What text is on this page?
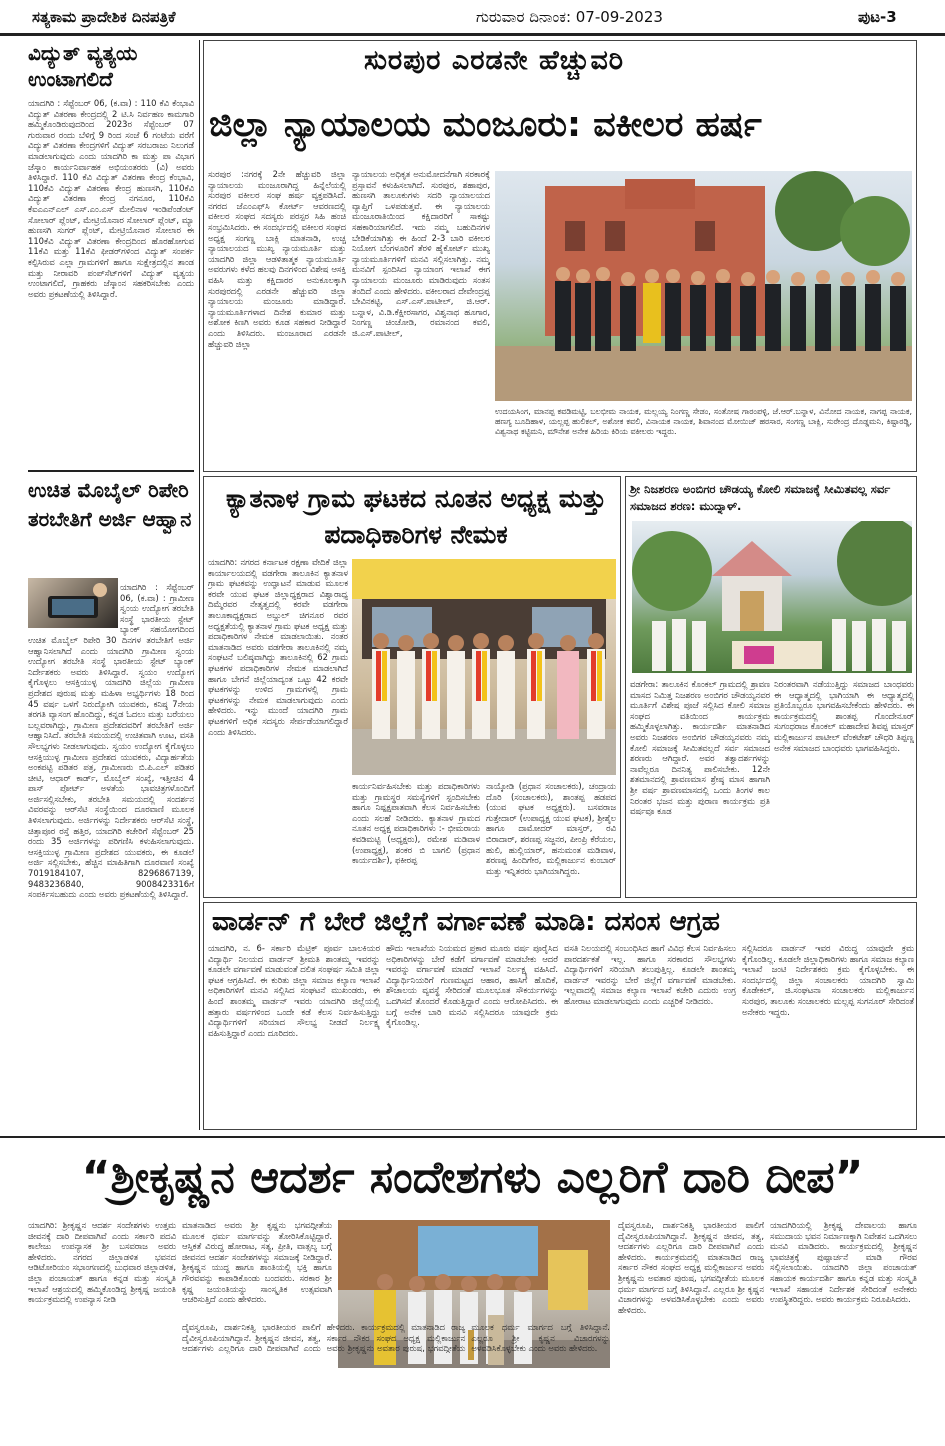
ಸತ್ಯಕಾಮ ಪ್ರಾದೇಶಿಕ ದಿನಪತ್ರಿಕೆ	ಗುರುವಾರ ದಿನಾಂಕ: 07-09-2023	ಪುಟ-3
ವಿದ್ಯುತ್ ವ್ಯತ್ಯಯ ಉಂಟಾಗಲಿದೆ
ಯಾದಗಿರಿ : ಸೆಪ್ಟೆಂಬರ್ 06, (ಕ.ವಾ) : 110 ಕೆವಿ ಕೆಂಭಾವಿ ವಿದ್ಯುತ್ ವಿತರಣಾ ಕೇಂದ್ರದಲ್ಲಿ 2 ಟಿ.ಸಿ ನಿರ್ವಹಣ ಕಾಮಗಾರಿ ಹಮ್ಮಿಕೊಂಡಿರುವುದರಿಂದ 2023ರ ಸೆಪ್ಟೆಂಬರ್ 07 ಗುರುವಾರ ರಂದು ಬೆಳಿಗ್ಗೆ 9 ರಿಂದ ಸಂಜೆ 6 ಗಂಟೆಯ ವರೆಗೆ ವಿದ್ಯುತ್ ವಿತರಣಾ ಕೇಂದ್ರಗಳಿಗೆ ವಿದ್ಯುತ್ ಸರಬರಾಜು ನಿಲುಗಡೆ ಮಾಡಲಾಗುವುದು ಎಂದು ಯಾದಗಿರಿ ಕಾ ಮತ್ತು ಪಾ ವಿಭಾಗ ಜೆಸ್ಕಾಂ ಕಾರ್ಯನಿರ್ವಾಹಕ ಅಭಿಯಂತರರು (ವಿ) ಅವರು ತಿಳಿಸಿದ್ದಾರೆ. 110 ಕೆವಿ ವಿದ್ಯುತ್ ವಿತರಣಾ ಕೇಂದ್ರ ಕೆಂಭಾವಿ, 110ಕೆವಿ ವಿದ್ಯುತ್ ವಿತರಣಾ ಕೇಂದ್ರ ಹುಣಸಗಿ, 110ಕೆವಿ ವಿದ್ಯುತ್ ವಿತರಣಾ ಕೇಂದ್ರ ನಗನೂರ, 110ಕೆವಿ ಕೆಐಎಎನ್‌ಎಲ್ ಎಸ್.ಎಂ.ಎಸ್ ಮೇಲಿನಾಳ ಇಂಡಿಪೆಂಡೆಂಟ್ ಸೋಲಾರ್ ಪ್ಲೆಂಟ್, ಮೇಟ್ರಿಯೊನಾರ ಸೋಲಾರ್ ಪ್ಲೆಂಟ್, ಮ್ಯಾ ಹುಣಸಗಿ ಸುಗರ್ ಪ್ಲೆಂಟ್, ಮೇಟ್ರಿಯೊನಾರ ಸೋಲಾರ ಈ 110ಕೆವಿ ವಿದ್ಯುತ್ ವಿತರಣಾ ಕೇಂದ್ರದಿಂದ ಹೊರಹೋಗುವ 11ಕೆವಿ ಮತ್ತು 11ಕೆವಿ ಫೀಡರ್‌ಗಳಿಂದ ವಿದ್ಯುತ್ ಸಂಪರ್ಕ ಕಲ್ಪಿಸಿರುವ ಎಲ್ಲಾ ಗ್ರಾಮಗಳಿಗೆ ಹಾಗೂ ಸುಕ್ಷೇತ್ರದಲ್ಲಿನ ತಾಂಡ ಮತ್ತು ನೀರಾವರಿ ಪಂಪ್‌ಸೆಟ್‌ಗಳಿಗೆ ವಿದ್ಯುತ್ ವ್ಯತ್ಯಯ ಉಂಟಾಗಲಿದೆ, ಗ್ರಾಹಕರು ಜೆಸ್ಕಾಂನ ಸಹಕರಿಸಬೇಕು ಎಂದು ಅವರು ಪ್ರಕಟಣೆಯಲ್ಲಿ ತಿಳಿಸಿದ್ದಾರೆ.
ಉಚಿತ ಮೊಬೈಲ್ ರಿಪೇರಿ ತರಬೇತಿಗೆ ಅರ್ಜಿ ಆಹ್ವಾನ
ಯಾದಗಿರಿ : ಸೆಪ್ಟೆಂಬರ್ 06, (ಕ.ವಾ) : ಗ್ರಾಮೀಣ ಸ್ವಂಯ ಉದ್ಯೋಗ ತರಬೇತಿ ಸಂಸ್ಥೆ ಭಾರತೀಯ ಸ್ಟೇಟ್ ಬ್ಯಾಂಕ್ ಸಹಯೋಗದಿಂದ ಉಚಿತ ಮೊಬೈಲ್ ರಿಪೇರಿ 30 ದಿನಗಳ ತರಬೇತಿಗೆ ಅರ್ಜಿ ಆಹ್ವಾನಿಸಲಾಗಿದೆ ಎಂದು ಯಾದಗಿರಿ ಗ್ರಾಮೀಣ ಸ್ವಂಯ ಉದ್ಯೋಗ ತರಬೇತಿ ಸಂಸ್ಥೆ ಭಾರತೀಯ ಸ್ಟೇಟ್ ಬ್ಯಾಂಕ್ ನಿರ್ದೇಶಕರು ಅವರು ತಿಳಿಸಿದ್ದಾರೆ. ಸ್ವಯಂ ಉದ್ಯೋಗ ಕೈಗೊಳ್ಳಲು ಆಸಕ್ತಿಯುಳ್ಳ ಯಾದಗಿರಿ ಜಿಲ್ಲೆಯ ಗ್ರಾಮೀಣ ಪ್ರದೇಶದ ಪುರುಷ ಮತ್ತು ಮಹಿಳಾ ಅಭ್ಯರ್ಥಿಗಳು 18 ರಿಂದ 45 ವರ್ಷ ಒಳಗೆ ನಿರುದ್ಯೋಗಿ ಯುವಕರು, ಕನಿಷ್ಠ 7ನೇಯ ತರಗತಿ ವ್ಯಾಸಂಗ ಹೊಂದಿದ್ದು, ಕನ್ನಡ ಓದಲು ಮತ್ತು ಬರೆಯಲು ಬಲ್ಲವರಾಗಿದ್ದು, ಗ್ರಾಮೀಣ ಪ್ರದೇಶದವರಿಗೆ ತರಬೇತಿಗೆ ಅರ್ಜಿ ಆಹ್ವಾನಿಸಿದೆ. ತರಬೇತಿ ಸಮಯದಲ್ಲಿ ಉಚಿತವಾಗಿ ಊಟ, ವಸತಿ ಸೌಲಭ್ಯಗಳು ನೀಡಲಾಗುವುದು. ಸ್ವಯಂ ಉದ್ಯೋಗ ಕೈಗೊಳ್ಳಲು ಆಸಕ್ತಿಯುಳ್ಳ ಗ್ರಾಮೀಣ ಪ್ರದೇಶದ ಯುವಕರು, ವಿದ್ಯಾರ್ಹತೆಯ ಅಂಕಪಟ್ಟಿ ಪಡಿತರ ಪತ್ರ, ಗ್ರಾಮೀಣರು ಬಿ.ಪಿ.ಎಲ್ ಪಡಿತರ ಚೀಟಿ, ಆಧಾರ್ ಕಾರ್ಡ್, ಮೊಬೈಲ್ ಸಂಖ್ಯೆ, ಇತ್ತೀಚಿನ 4 ಪಾಸ್ ಪೋರ್ಟ್ ಅಳತೆಯ ಭಾವಚಿತ್ರಗಳೊಂದಿಗೆ ಅರ್ಜಿಸಲ್ಲಿಸಬೇಕು, ತರಬೇತಿ ಸಮಯದಲ್ಲಿ ಸಂದರ್ಶನ ವಿವರವನ್ನು ಆರ್‌ಸೆಟಿ ಸಂಸ್ಥೆಯಿಂದ ದೂರವಾಣಿ ಮೂಲಕ ತಿಳಿಸಲಾಗುವುದು. ಅರ್ಜಿಗಳನ್ನು ನಿರ್ದೇಶಕರು ಆರ್‌ಸೆಟಿ ಸಂಸ್ಥೆ, ಚಿತ್ತಾಪೂರ ರಸ್ತೆ ಹತ್ತಿರ, ಯಾದಗಿರಿ ಕಚೇರಿಗೆ ಸೆಪ್ಟೆಂಬರ್ 25 ರಂದು 35 ಅರ್ಜಿಗಳನ್ನು ಪರಿಗಣಿಸಿ ಕಳುಹಿಸಲಾಗುವುದು. ಆಸಕ್ತಿಯುಳ್ಳ ಗ್ರಾಮೀಣ ಪ್ರದೇಶದ ಯುವಕರು, ಈ ಕೂಡಲೆ ಅರ್ಜಿ ಸಲ್ಲಿಸಬೇಕು, ಹೆಚ್ಚಿನ ಮಾಹಿತಿಗಾಗಿ ದೂರವಾಣಿ ಸಂಖ್ಯೆ 7019184107, 8296867139, 9483236840, 9008423316ಗೆ ಸಂಪರ್ಕಿಸಬಹುದು ಎಂದು ಅವರು ಪ್ರಕಟಣೆಯಲ್ಲಿ ತಿಳಿಸಿದ್ದಾರೆ.
ಸುರಪುರ ಎರಡನೇ ಹೆಚ್ಚುವರಿ
ಜಿಲ್ಲಾ ನ್ಯಾಯಾಲಯ ಮಂಜೂರು: ವಕೀಲರ ಹರ್ಷ
ಸುರಪುರ :ನಗರಕ್ಕೆ 2ನೇ ಹೆಚ್ಚುವರಿ ಜಿಲ್ಲಾ ನ್ಯಾಯಾಲಯ ಮಂಜೂರಾಗಿದ್ದ ಹಿನ್ನೆಲೆಯಲ್ಲಿ ಸುರಪುರ ವಕೀಲರ ಸಂಘ ಹರ್ಷ ವ್ಯಕ್ತಪಡಿಸಿದೆ. ನಗರದ ಜೆಎಂಎಫ್‌ಸಿ ಕೋರ್ಟ್ ಆವರಣದಲ್ಲಿ ವಕೀಲರ ಸಂಘದ ಸದಸ್ಯರು ಪರಸ್ಪರ ಸಿಹಿ ಹಂಚಿ ಸಂಭ್ರಮಿಸಿದರು. ಈ ಸಂದರ್ಭದಲ್ಲಿ ವಕೀಲರ ಸಂಘದ ಅಧ್ಯಕ್ಷ ಸಂಗಣ್ಣ ಬಾಕ್ಲಿ ಮಾತನಾಡಿ, ಉಚ್ಚ ನ್ಯಾಯಾಲಯದ ಮುಖ್ಯ ನ್ಯಾಯಮೂರ್ತಿ ಮತ್ತು ಯಾದಗಿರಿ ಜಿಲ್ಲಾ ಆಡಳಿತಾತ್ಮಕ ನ್ಯಾಯಮೂರ್ತಿ ಅವರುಗಳು ಕಳೆದ ಹಲವು ದಿನಗಳಿಂದ ವಿಶೇಷ ಆಸಕ್ತಿ ವಹಿಸಿ ಮತ್ತು ಕಕ್ಷಿದಾರರ ಅನುಕೂಲಕ್ಕಾಗಿ ಸುರಪುರದಲ್ಲಿ ಎರಡನೇ ಹೆಚ್ಚುವರಿ ಜಿಲ್ಲಾ ನ್ಯಾಯಾಲಯ ಮಂಜೂರು ಮಾಡಿದ್ದಾರೆ. ನ್ಯಾಯಮೂರ್ತಿಗಳಾದ ದಿನೇಶ ಕುಮಾರ ಮತ್ತು ಅಶೋಕ ಕಿಣಗಿ ಅವರು ಕೂಡ ಸಹಕಾರ ನೀಡಿದ್ದಾರೆ ಎಂದು ತಿಳಿಸಿದರು. ಮಂಜೂರಾದ ಎರಡನೇ ಹೆಚ್ಚುವರಿ ಜಿಲ್ಲಾ
ನ್ಯಾಯಾಲಯ ಅಧಿಕೃತ ಅನುಮೋದನೆಗಾಗಿ ಸರಕಾರಕ್ಕೆ ಪ್ರಸ್ತಾವನೆ ಕಳುಹಿಸಲಾಗಿದೆ. ಸುರಪುರ, ಶಹಾಪುರ, ಹುಣಸಗಿ ತಾಲೂಕುಗಳು ಸದರಿ ನ್ಯಾಯಾಲಯದ ವ್ಯಾಪ್ತಿಗೆ ಒಳಪಡುತ್ತವೆ. ಈ ನ್ಯಾಯಾಲಯ ಮಂಜೂರಾತಿಯಿಂದ ಕಕ್ಷಿದಾರರಿಗೆ ಸಾಕಷ್ಟು ಸಹಕಾರಿಯಾಗಲಿದೆ. ಇದು ನಮ್ಮ ಬಹುದಿನಗಳ ಬೇಡಿಕೆಯಾಗಿತ್ತು ಈ ಹಿಂದೆ 2-3 ಬಾರಿ ವಕೀಲರ ನಿಯೋಗ ಬೆಂಗಳೂರಿಗೆ ತೆರಳಿ ಹೈಕೋರ್ಟ್ ಮುಖ್ಯ ನ್ಯಾಯಮೂರ್ತಿಗಳಿಗೆ ಮನವಿ ಸಲ್ಲಿಸಲಾಗಿತ್ತು. ನಮ್ಮ ಮನವಿಗೆ ಸ್ಪಂದಿಸಿದ ನ್ಯಾಯಾಂಗ ಇಲಾಖೆ ಈಗ ನ್ಯಾಯಾಲಯ ಮಂಜೂರು ಮಾಡಿರುವುದು ಸಂತಸ ತಂದಿದೆ ಎಂದು ಹೇಳಿದರು. ವಕೀಲರಾದ ದೇವೇಂದ್ರಪ್ಪ ಬೇವಿನಕಟ್ಟಿ, ಎಸ್.ಎಸ್.ಪಾಟೀಲ್, ಜಿ.ಆರ್. ಬನ್ನಾಳ, ವಿ.ಡಿ.ಕೆಕ್ಷೀರಸಾಗರ, ವಿಶ್ವನಾಥ ಹೂಗಾರ, ನಿಂಗಣ್ಣ ಚಿಂಚೋಡಿ, ರಮಾನಂದ ಕವಲಿ, ಜಿ.ಎಸ್.ಪಾಟೀಲ್,
ಉದಯಸಿಂಗ, ಮಾನಪ್ಪ ಕವಡಿಮಟ್ಟಿ, ಬಲಭೀಮ ನಾಯಕ, ಮಲ್ಲಯ್ಯ ನಿಂಗಣ್ಣ ಸೇಡಂ, ಸಂತೋಷ ಗಾರಂಪಳ್ಳಿ, ಜೆ.ಆರ್.ಬನ್ನಾಳ, ವಿನೋದ ನಾಯಕ, ನಾಗಪ್ಪ ನಾಯಕ, ಹಣಗ್ಯ ಬೂದಿಹಾಳ, ಯಲ್ಲಪ್ಪ ಹುಲಿಕಲ್, ಅಶೋಕ ಕವಲಿ, ವಿನಾಯಕ ನಾಯಕ, ಶಿವಾನಂದ ಮೋಯಿಜ್ ಹರಸಾರ, ಸಂಗಣ್ಣ ಬಾಕ್ಲಿ, ಸುರೇಂದ್ರ ದೊಡ್ಡಮನಿ, ಕಿಷ್ಟಾರಡ್ಡಿ, ವಿಶ್ವನಾಥ ಕಟ್ಟಿಮನಿ, ಮೌನೇಶ ಅನೇಕ ಹಿರಿಯ ಕಿರಿಯ ವಕೀಲರು ಇದ್ದರು.
ಕ್ಯಾತನಾಳ ಗ್ರಾಮ ಘಟಕದ ನೂತನ ಅಧ್ಯಕ್ಷ ಮತ್ತು ಪದಾಧಿಕಾರಿಗಳ ನೇಮಕ
ಯಾದಗಿರಿ: ನಗರದ ಕರ್ನಾಟಕ ರಕ್ಷಣಾ ವೇದಿಕೆ ಜಿಲ್ಲಾ ಕಾರ್ಯಾಲಯದಲ್ಲಿ ವಡಗೇರಾ ತಾಲೂಕಿನ ಕ್ಯಾತನಾಳ ಗ್ರಾಮ ಘಟಕವನ್ನು ಉದ್ಘಾಟನೆ ಮಾಡುವ ಮೂಲಕ ಕರವೇ ಯುವ ಘಟಕ ಜಿಲ್ಲಾಧ್ಯಕ್ಷರಾದ ವಿಶ್ವಾರಾಧ್ಯ ದಿಮ್ಮೆರವರ ನೇತೃತ್ವದಲ್ಲಿ ಕರವೇ ವಡಗೇರಾ ತಾಲೂಕಾಧ್ಯಕ್ಷರಾದ ಅಬ್ದುಲ್ ಚಿಗನೂರ ರವರ ಅಧ್ಯಕ್ಷತೆಯಲ್ಲಿ ಕ್ಯಾತನಾಳ ಗ್ರಾಮ ಘಟಕ ಅಧ್ಯಕ್ಷ ಮತ್ತು ಪದಾಧಿಕಾರಿಗಳ ನೇಮಕ ಮಾಡಲಾಯಿತು. ನಂತರ ಮಾತನಾಡಿದ ಅವರು ವಡಗೇರಾ ತಾಲೂಕಿನಲ್ಲಿ ನಮ್ಮ ಸಂಘಟನೆ ಬಲಿಷ್ಠವಾಗಿದ್ದು ತಾಲೂಕಿನಲ್ಲಿ 62 ಗ್ರಾಮ ಘಟಕಗಳ ಪದಾಧಿಕಾರಿಗಳ ನೇಮಕ ಮಾಡಲಾಗಿದೆ ಹಾಗೂ ಬೇಗನೆ ಜಿಲ್ಲೆಯಾದ್ಯಂತ ಒಟ್ಟು 42 ಕರವೇ ಘಟಕಗಳನ್ನು ಉಳಿದ ಗ್ರಾಮಗಳಲ್ಲಿ ಗ್ರಾಮ ಘಟಕಗಳನ್ನು ನೇಮಕ ಮಾಡಲಾಗುವುದು ಎಂದು ಹೇಳಿದರು. ಇನ್ನು ಮುಂದೆ ಯಾದಗಿರಿ ಗ್ರಾಮ ಘಟಕಗಳಿಗೆ ಅಧಿಕ ಸದಸ್ಯರು ಸೇರ್ಪಡೆಯಾಗಲಿದ್ದಾರೆ ಎಂದು ತಿಳಿಸಿದರು.
ಕಾರ್ಯನಿರ್ವಹಿಸಬೇಕು ಮತ್ತು ಪದಾಧಿಕಾರಿಗಳು ಮತ್ತು ಗ್ರಾಮಸ್ಥರ ಸಮಸ್ಯೆಗಳಿಗೆ ಸ್ಪಂದಿಸಬೇಕು ಹಾಗೂ ನಿಷ್ಪಕ್ಷಪಾತವಾಗಿ ಕೆಲಸ ನಿರ್ವಹಿಸಬೇಕು ಎಂದು ಸಲಹೆ ನೀಡಿದರು. ಕ್ಯಾತನಾಳ ಗ್ರಾಮದ ನೂತನ ಅಧ್ಯಕ್ಷ ಪದಾಧಿಕಾರಿಗಳು :- ಭೀಮರಾಯ ಕವಡಿಮಟ್ಟಿ (ಅಧ್ಯಕ್ಷರು), ರಮೇಶ ಮಡಿವಾಳ (ಉಪಾಧ್ಯಕ್ಷ), ಶಂಕರ ಬಿ ಬಾಗಲಿ (ಪ್ರಧಾನ ಕಾರ್ಯದರ್ಶಿ), ಫಕೀರಪ್ಪ
ನಾಯ್ಕೋಡಿ (ಪ್ರಧಾನ ಸಂಚಾಲಕರು), ಚಂದ್ರಾಯ ದೊರಿ (ಸಂಚಾಲಕರು), ಶಾಂತಪ್ಪ ಹಡಪದ (ಯುವ ಘಟಕ ಅಧ್ಯಕ್ಷರು). ಬಸವರಾಜ ಗುತ್ತೇದಾರ್ (ಉಪಾಧ್ಯಕ್ಷ ಯುವ ಘಟಕ), ಶ್ರೀಶೈಲ ಹಾಗೂ ದಾಮೋದರ್ ಮಾಸ್ತರ್, ರವಿ ಬಿರಾದಾರ್, ಶರಣಪ್ಪ ಸಜ್ಜನರ, ಪೀಂಪ್ರಿ ಕೆರೆಯಲ, ಹುಲಿ, ಹುಲ್ಲಿಯಾರ್, ಹನುಮಂತ ಮಡಿವಾಳ, ಶರಣಪ್ಪ ಹಿಂದಿಗೇರ, ಮಲ್ಲಿಕಾರ್ಜುನ ಕುಂಬಾರ್ ಮತ್ತು ಇನ್ನಿತರರು ಭಾಗಿಯಾಗಿದ್ದರು.
ಶ್ರೀ ನಿಜಶರಣ ಅಂಬಿಗರ ಚೌಡಯ್ಯ ಕೋಲಿ ಸಮಾಜಕ್ಕೆ ಸೀಮಿತವಲ್ಲ ಸರ್ವ ಸಮಾಜದ ಶರಣ: ಮುದ್ನಾಳ್.
ವಡಗೇರಾ: ತಾಲೂಕಿನ ಕೊಂಕಲ್ ಗ್ರಾಮದಲ್ಲಿ ಶ್ರಾವಣ ಮಾಸದ ನಿಮಿತ್ತ ನಿಜಶರಣ ಅಂಬಿಗರ ಚೌಡಯ್ಯನವರ ಮೂರ್ತಿಗೆ ವಿಶೇಷ ಪೂಜೆ ಸಲ್ಲಿಸಿದ ಕೋಲಿ ಸಮಾಜ ಸಂಘದ ವತಿಯಿಂದ ಕಾರ್ಯಕ್ರಮ ಹಮ್ಮಿಕೊಳ್ಳಲಾಗಿತ್ತು. ಕಾರ್ಯದರ್ಶಿ ಮಾತನಾಡಿದ ಅವರು ನಿಜಶರಣ ಅಂಬಿಗರ ಚೌಡಯ್ಯನವರು ನಮ್ಮ ಕೋಲಿ ಸಮಾಜಕ್ಕೆ ಸೀಮಿತವಲ್ಲದೆ ಸರ್ವ ಸಮಾಜದ ಶರಣರು ಆಗಿದ್ದಾರೆ. ಅವರ ತತ್ವಾದರ್ಶಗಳನ್ನು ನಾವೆಲ್ಲರೂ ದಿನನಿತ್ಯ ಪಾಲಿಸಬೇಕು. 12ನೇ ಶತಮಾನದಲ್ಲಿ ಶ್ರಾವಣಮಾಸ ಶ್ರೇಷ್ಠ ಮಾಸ ಹಾಗಾಗಿ ಶ್ರೀ ವರ್ಷ ಶ್ರಾವಣಮಾಸದಲ್ಲಿ ಒಂದು ತಿಂಗಳ ಕಾಲ ನಿರಂತರ ಭಜನ ಮತ್ತು ಪುರಾಣ ಕಾರ್ಯಕ್ರಮ ಪ್ರತಿ ವರ್ಷವೂ ಕೂಡ
ನಿರಂತರವಾಗಿ ನಡೆಯುತ್ತಿದ್ದು ಸಮಾಜದ ಬಾಂಧವರು ಈ ಆಧ್ಯಾತ್ಮದಲ್ಲಿ ಭಾಗಿಯಾಗಿ ಈ ಆಧ್ಯಾತ್ಮದಲ್ಲಿ ಪ್ರತಿಯೊಬ್ಬರೂ ಭಾಗವಹಿಸಬೇಕೆಂದು ಹೇಳಿದರು. ಈ ಕಾರ್ಯಕ್ರಮದಲ್ಲಿ ಶಾಂತಪ್ಪ ಗೊಂದೇನೂರ್ ಸುಗಂಧರಾಜ ಕೊಂಕಲ್ ಮಹಾದೇವ ಶಿವಪ್ಪ ಮಾಸ್ತರ್ ಮಲ್ಲಿಕಾರ್ಜುನ ಪಾಟೀಲ್ ವೆಂಕಟೇಶ್ ಚೌಧರಿ ತಿಪ್ಪಣ್ಣ ಅನೇಕ ಸಮಾಜದ ಬಾಂಧವರು ಭಾಗವಹಿಸಿದ್ದರು.
ವಾರ್ಡನ್ ಗೆ ಬೇರೆ ಜಿಲ್ಲೆಗೆ ವರ್ಗಾವಣೆ ಮಾಡಿ: ದಸಂಸ ಆಗ್ರಹ
ಯಾದಗಿರಿ, ನ. 6- ಸರ್ಕಾರಿ ಮೆಟ್ರಿಕ್ ಪೂರ್ವ ಬಾಲಕಿಯರ ವಿದ್ಯಾರ್ಥಿ ನಿಲಯದ ವಾರ್ಡನ್ ಶ್ರೀಮತಿ ಶಾಂತಮ್ಮ ಇವರನ್ನು ಕೂಡಲೇ ವರ್ಗಾವಣೆ ಮಾಡುವಂತೆ ದಲಿತ ಸಂಘರ್ಷ ಸಮಿತಿ ಜಿಲ್ಲಾ ಘಟಕ ಆಗ್ರಹಿಸಿದೆ. ಈ ಕುರಿತು ಜಿಲ್ಲಾ ಸಮಾಜ ಕಲ್ಯಾಣ ಇಲಾಖೆ ಅಧಿಕಾರಿಗಳಿಗೆ ಮನವಿ ಸಲ್ಲಿಸಿದ ಸಂಘಟನೆ ಮುಖಂಡರು, ಈ ಹಿಂದೆ ಶಾಂತಮ್ಮ ವಾರ್ಡನ್ ಇವರು ಯಾದಗಿರಿ ಜಿಲ್ಲೆಯಲ್ಲಿ ಹತ್ತಾರು ವರ್ಷಗಳಿಂದ ಒಂದೇ ಕಡೆ ಕೆಲಸ ನಿರ್ವಹಿಸುತ್ತಿದ್ದು ವಿದ್ಯಾರ್ಥಿಗಳಿಗೆ ಸರಿಯಾದ ಸೌಲಭ್ಯ ನೀಡದೆ ನಿರ್ಲಕ್ಷ್ಯ ವಹಿಸುತ್ತಿದ್ದಾರೆ ಎಂದು ದೂರಿದರು.
ಹೌದು ಇಲಾಖೆಯ ನಿಯಮದ ಪ್ರಕಾರ ಮೂರು ವರ್ಷ ಪೂರೈಸಿದ ಅಧಿಕಾರಿಗಳನ್ನು ಬೇರೆ ಕಡೆಗೆ ವರ್ಗಾವಣೆ ಮಾಡಬೇಕು ಆದರೆ ಇವರನ್ನು ವರ್ಗಾವಣೆ ಮಾಡದೆ ಇಲಾಖೆ ನಿರ್ಲಕ್ಷ್ಯ ವಹಿಸಿದೆ. ವಿದ್ಯಾರ್ಥಿನಿಯರಿಗೆ ಗುಣಮಟ್ಟದ ಆಹಾರ, ಹಾಸಿಗೆ ಹೊದಿಕೆ, ಶೌಚಾಲಯ ವ್ಯವಸ್ಥೆ ಸೇರಿದಂತೆ ಮೂಲಭೂತ ಸೌಕರ್ಯಗಳನ್ನು ಒದಗಿಸದೆ ತೊಂದರೆ ಕೊಡುತ್ತಿದ್ದಾರೆ ಎಂದು ಆರೋಪಿಸಿದರು. ಈ ಬಗ್ಗೆ ಅನೇಕ ಬಾರಿ ಮನವಿ ಸಲ್ಲಿಸಿದರೂ ಯಾವುದೇ ಕ್ರಮ ಕೈಗೊಂಡಿಲ್ಲ.
ವಸತಿ ನಿಲಯದಲ್ಲಿ ಸಂಬಂಧಿಸಿದ ಹಾಗೆ ವಿವಿಧ ಕೆಲಸ ನಿರ್ವಹಿಸಲು ಪಾರದರ್ಶಕತೆ ಇಲ್ಲ. ಹಾಗೂ ಸರಕಾರದ ಸೌಲಭ್ಯಗಳು ವಿದ್ಯಾರ್ಥಿಗಳಿಗೆ ಸರಿಯಾಗಿ ತಲುಪುತ್ತಿಲ್ಲ. ಕೂಡಲೇ ಶಾಂತಮ್ಮ ವಾರ್ಡನ್ ಇವರನ್ನು ಬೇರೆ ಜಿಲ್ಲೆಗೆ ವರ್ಗಾವಣೆ ಮಾಡಬೇಕು. ಇಲ್ಲವಾದಲ್ಲಿ ಸಮಾಜ ಕಲ್ಯಾಣ ಇಲಾಖೆ ಕಚೇರಿ ಎದುರು ಉಗ್ರ ಹೋರಾಟ ಮಾಡಲಾಗುವುದು ಎಂದು ಎಚ್ಚರಿಕೆ ನೀಡಿದರು.
ಸಲ್ಲಿಸಿದರೂ ವಾರ್ಡನ್ ಇವರ ವಿರುದ್ಧ ಯಾವುದೇ ಕ್ರಮ ಕೈಗೊಂಡಿಲ್ಲ. ಕೂಡಲೇ ಜಿಲ್ಲಾಧಿಕಾರಿಗಳು ಹಾಗೂ ಸಮಾಜ ಕಲ್ಯಾಣ ಇಲಾಖೆ ಜಂಟಿ ನಿರ್ದೇಶಕರು ಕ್ರಮ ಕೈಗೊಳ್ಳಬೇಕು. ಈ ಸಂದರ್ಭದಲ್ಲಿ ಜಿಲ್ಲಾ ಸಂಚಾಲಕರು ಯಾದಗಿರಿ ಸ್ವಾಮಿ ಕೊಡೇಕಲ್, ಜಿ.ಸಂಘಟನಾ ಸಂಚಾಲಕರು ಮಲ್ಲಿಕಾರ್ಜುನ ಸುರಪುರ, ತಾಲೂಕು ಸಂಚಾಲಕರು ಮಲ್ಲಪ್ಪ ಸುಗನೂರ್ ಸೇರಿದಂತೆ ಅನೇಕರು ಇದ್ದರು.
“ಶ್ರೀಕೃಷ್ಣನ ಆದರ್ಶ ಸಂದೇಶಗಳು ಎಲ್ಲರಿಗೆ ದಾರಿ ದೀಪ”
ಯಾದಗಿರಿ: ಶ್ರೀಕೃಷ್ಣನ ಆದರ್ಶ ಸಂದೇಶಗಳು ಉತ್ತಮ ಜೀವನಕ್ಕೆ ದಾರಿ ದೀಪವಾಗಿವೆ ಎಂದು ಸರ್ಕಾರಿ ಪದವಿ ಕಾಲೇಜು ಉಪನ್ಯಾಸಕ ಶ್ರೀ ಬಸವರಾಜ ಅವರು ಹೇಳಿದರು. ನಗರದ ಜಿಲ್ಲಾಡಳಿತ ಭವನದ ಆಡಿಟೋರಿಯಂ ಸಭಾಂಗಣದಲ್ಲಿ ಬುಧವಾರ ಜಿಲ್ಲಾಡಳಿತ, ಜಿಲ್ಲಾ ಪಂಚಾಯತ್ ಹಾಗೂ ಕನ್ನಡ ಮತ್ತು ಸಂಸ್ಕೃತಿ ಇಲಾಖೆ ಆಶ್ರಯದಲ್ಲಿ ಹಮ್ಮಿಕೊಂಡಿದ್ದ ಶ್ರೀಕೃಷ್ಣ ಜಯಂತಿ ಕಾರ್ಯಕ್ರಮದಲ್ಲಿ ಉಪನ್ಯಾಸ ನೀಡಿ
ಮಾತನಾಡಿದ ಅವರು ಶ್ರೀ ಕೃಷ್ಣನು ಭಗವದ್ಗೀತೆಯ ಮೂಲಕ ಧರ್ಮ ಮಾರ್ಗವನ್ನು ತೋರಿಸಿಕೊಟ್ಟಿದ್ದಾರೆ. ಆಸ್ತಿಕತೆ ವಿರುದ್ಧ ಹೋರಾಟ, ಸತ್ಯ, ಪ್ರೀತಿ, ವಾತ್ಸಲ್ಯ ಬಗ್ಗೆ ಜೀವನದ ಆದರ್ಶ ಸಂದೇಶಗಳನ್ನು ಸಮಾಜಕ್ಕೆ ನೀಡಿದ್ದಾರೆ. ಶ್ರೀಕೃಷ್ಣನ ಯುದ್ಧ ಹಾಗೂ ಶಾಂತಿಯಲ್ಲಿ ಭಕ್ತಿ ಹಾಗೂ ಗೌರವವನ್ನು ಕಾಪಾಡಿಕೊಂಡು ಬಂದವರು. ಸರಕಾರ ಶ್ರೀ ಕೃಷ್ಣ ಜಯಂತಿಯನ್ನು ಸಾಂಸ್ಕೃತಿಕ ಉತ್ಸವವಾಗಿ ಆಚರಿಸುತ್ತಿದೆ ಎಂದು ಹೇಳಿದರು.
ದೈವಸ್ವರೂಪಿ, ದಾರ್ಶನಿಕತ್ವಿ ಭಾರತೀಯರ ಪಾಲಿಗೆ ದೈವೀಸ್ವರೂಪಿಯಾಗಿದ್ದಾನೆ. ಶ್ರೀಕೃಷ್ಣನ ಜೀವನ, ತತ್ವ, ಆದರ್ಶಗಳು ಎಲ್ಲರಿಗೂ ದಾರಿ ದೀಪವಾಗಿವೆ ಎಂದು ಹೇಳಿದರು. ಕಾರ್ಯಕ್ರಮದಲ್ಲಿ ಮಾತನಾಡಿದ ರಾಜ್ಯ ಸರ್ಕಾರ ನೌಕರ ಸಂಘದ ಅಧ್ಯಕ್ಷ ಮಲ್ಲಿಕಾರ್ಜುನ ಅವರು ಶ್ರೀಕೃಷ್ಣನು ಅವತಾರ ಪುರುಷ, ಭಗವದ್ಗೀತೆಯ ಮೂಲಕ ಧರ್ಮ ಮಾರ್ಗದ ಬಗ್ಗೆ ತಿಳಿಸಿದ್ದಾನೆ. ಎಲ್ಲರೂ ಶ್ರೀ ಕೃಷ್ಣನ ವಿಚಾರಗಳನ್ನು ಅಳವಡಿಸಿಕೊಳ್ಳಬೇಕು ಎಂದು ಅವರು ಹೇಳಿದರು.
ದೈವಸ್ವರೂಪಿ, ದಾರ್ಶನಿಕತ್ವಿ ಭಾರತೀಯರ ಪಾಲಿಗೆ ದೈವೀಸ್ವರೂಪಿಯಾಗಿದ್ದಾನೆ. ಶ್ರೀಕೃಷ್ಣನ ಜೀವನ, ತತ್ವ, ಆದರ್ಶಗಳು ಎಲ್ಲರಿಗೂ ದಾರಿ ದೀಪವಾಗಿವೆ ಎಂದು ಹೇಳಿದರು. ಕಾರ್ಯಕ್ರಮದಲ್ಲಿ ಮಾತನಾಡಿದ ರಾಜ್ಯ ಸರ್ಕಾರ ನೌಕರ ಸಂಘದ ಅಧ್ಯಕ್ಷ ಮಲ್ಲಿಕಾರ್ಜುನ ಅವರು ಶ್ರೀಕೃಷ್ಣನು ಅವತಾರ ಪುರುಷ, ಭಗವದ್ಗೀತೆಯ ಮೂಲಕ ಧರ್ಮ ಮಾರ್ಗದ ಬಗ್ಗೆ ತಿಳಿಸಿದ್ದಾನೆ. ಎಲ್ಲರೂ ಶ್ರೀ ಕೃಷ್ಣನ ವಿಚಾರಗಳನ್ನು ಅಳವಡಿಸಿಕೊಳ್ಳಬೇಕು ಎಂದು ಅವರು ಹೇಳಿದರು.
ಯಾದಗಿರಿಯಲ್ಲಿ ಶ್ರೀಕೃಷ್ಣ ದೇವಾಲಯ ಹಾಗೂ ಸಮುದಾಯ ಭವನ ನಿರ್ಮಾಣಕ್ಕಾಗಿ ನಿವೇಶನ ಒದಗಿಸಲು ಮನವಿ ಮಾಡಿದರು. ಕಾರ್ಯಕ್ರಮದಲ್ಲಿ ಶ್ರೀಕೃಷ್ಣನ ಭಾವಚಿತ್ರಕ್ಕೆ ಪುಷ್ಪಾರ್ಚನೆ ಮಾಡಿ ಗೌರವ ಸಲ್ಲಿಸಲಾಯಿತು. ಯಾದಗಿರಿ ಜಿಲ್ಲಾ ಪಂಚಾಯತ್ ಸಹಾಯಕ ಕಾರ್ಯದರ್ಶಿ ಹಾಗೂ ಕನ್ನಡ ಮತ್ತು ಸಂಸ್ಕೃತಿ ಇಲಾಖೆ ಸಹಾಯಕ ನಿರ್ದೇಶಕ ಸೇರಿದಂತೆ ಅನೇಕರು ಉಪಸ್ಥಿತರಿದ್ದರು. ಅವರು ಕಾರ್ಯಕ್ರಮ ನಿರೂಪಿಸಿದರು.
